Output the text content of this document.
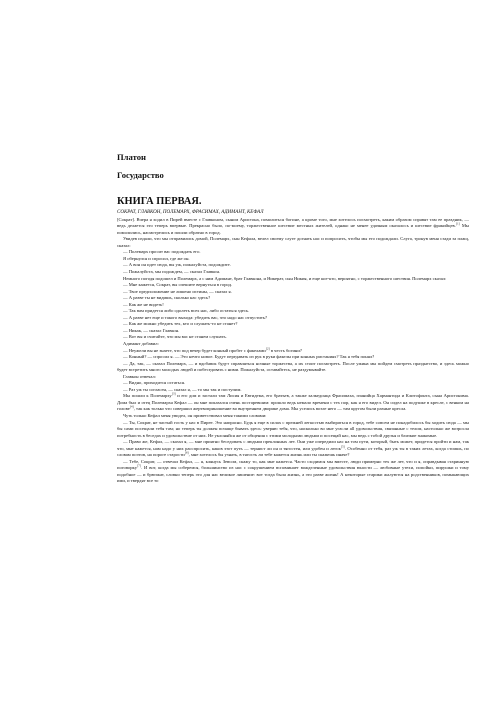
Платон
Государство
КНИГА ПЕРВАЯ.
СОКРАТ, ГЛАВКОН, ПОЛЕМАРХ, ФРАСИМАХ, АДИМАНТ, КЕФАЛ

[Сократ]. Вчера я ходил в Пирей вместе с Главконом, сыном Аристона, помолиться богине, а кроме того, мне хотелось посмотреть, каким образом справят там ее праздник, — ведь делается это теперь впервые. Прекрасно было, по-моему, торжественное шествие местных жителей, однако не менее удачным оказалось и шествие фракийцев.[1] Мы помолились, насмотрелись и пошли обратно в город.

Увидев издали, что мы отправились домой, Полемарх, сын Кефала, велел своему слуге догнать нас и попросить, чтобы мы его подождали. Слуга, тронув меня сзади за плащ, сказал:

— Полемарх просит вас подождать его.

Я обернулся и спросил, где же он.

— А вон он идет сюда, вы уж, пожалуйста, подождите.

— Пожалуйста, мы подождем, — сказал Главкон.

Немного погодя подошел и Полемарх, а с ним Адимант, брат Главкона, и Никерат, сын Никия, и еще кое-кто, вероятно, с торжественного шествия. Полемарх сказал:

— Мне кажется, Сократ, вы спешите вернуться в город.

— Твое предположение не лишено истины, — сказал я.

— А разве ты не видишь, сколько нас здесь?

— Как же не видеть!

— Так вам придется либо одолеть всех нас, либо остаться здесь.

— А разве нет еще и такого выхода: убедить вас, что надо нас отпустить?

— Как же можно убедить тех, кто и слушать-то не станет?

— Никак, — сказал Главкон.

— Вот вы и считайте, что мы вас не станем слушать.

Адимант добавил:

— Неужели вы не знаете, что под вечер будет конный пробег с факелами[2] в честь богини?

— Конный? — спросил я. — Это нечто новое. Будут передавать из рук в руки факелы при конных ристаниях? Так я тебя понял?

— Да, так, — сказал Полемарх, — и вдобавок будут справляться ночные торжества, а их стоит посмотреть. После ужина мы пойдем смотреть празднество, и здесь можно будет встретить много молодых людей и побеседовать с ними. Пожалуйста, оставайтесь, не раздумывайте.

Главкон отвечал:

— Видно, приходится остаться.

— Раз уж ты согласен, — сказал я, — то мы так и поступим.

Мы пошли к Полемарху[3] и его дом и застали там Лисия и Евтидема, его братьев, а также халкедонца Фрасимаха, пэанийца Хармантида и Клитофонта, сына Аристонима. Дома был и отец Полемарха Кефал — он мне показался очень постаревшим: прошло ведь немало времени с тех пор, как я его видел. Он сидел на подушке в кресле, с венком на голове[4], так как только что совершил жертвоприношение во внутреннем дворике дома. Мы уселись возле него — там кругом были разные кресла.

Чуть только Кефал меня увидел, он приветствовал меня такими словами:

— Ты, Сократ, не частый гость у нас в Пирее. Это напрасно. Будь я еще в силах с прежней легкостью выбираться в город, тебе совсем не понадобилось бы ходить сюда — мы бы сами посещали тебя там; но теперь ты должен почаще бывать здесь: уверяю тебя, что, насколько во мне угасли all удовольствия, связанные с телом, настолько же возросла потребность в беседах и удовольствие от них. Не уклоняйся же от общения с этими молодыми людьми и посещай нас, мы ведь с тобой друзья и близкие знакомые.

— Право же, Кефал, — сказал я, — мне приятно беседовать с людьми преклонных лет. Они уже опередили нас на том пути, который, быть может, придется пройти и нам, так что, мне кажется, нам надо у них расспросить, каков этот путь — тернист ли он и тягостен, или удобен и легок[5]. Особенно от тебя, раз уж ты в таких летах, когда стоишь, по словам поэтов, на пороге старости[6], мне хотелось бы узнать, в тягость ли тебе кажется жизнь или ты скажешь иначе?

— Тебе, Сократ, — отвечал Кефал, — я, клянусь Зевсом, скажу то, как мне кажется. Часто сходимся мы вместе, люди примерно тех же лет, что и я, оправдывая старинную поговорку[7]. И вот, когда мы соберемся, большинство из нас с сокрушением вспоминает вожделенные удовольствия юности — любовные утехи, попойки, пирушки и тому подобное — и брюзжат, словно теперь это для нас великое лишение: вот тогда была жизнь, а это разве жизнь! А некоторые старики жалуются на родственников, помыкающих ими, и твердят все то
